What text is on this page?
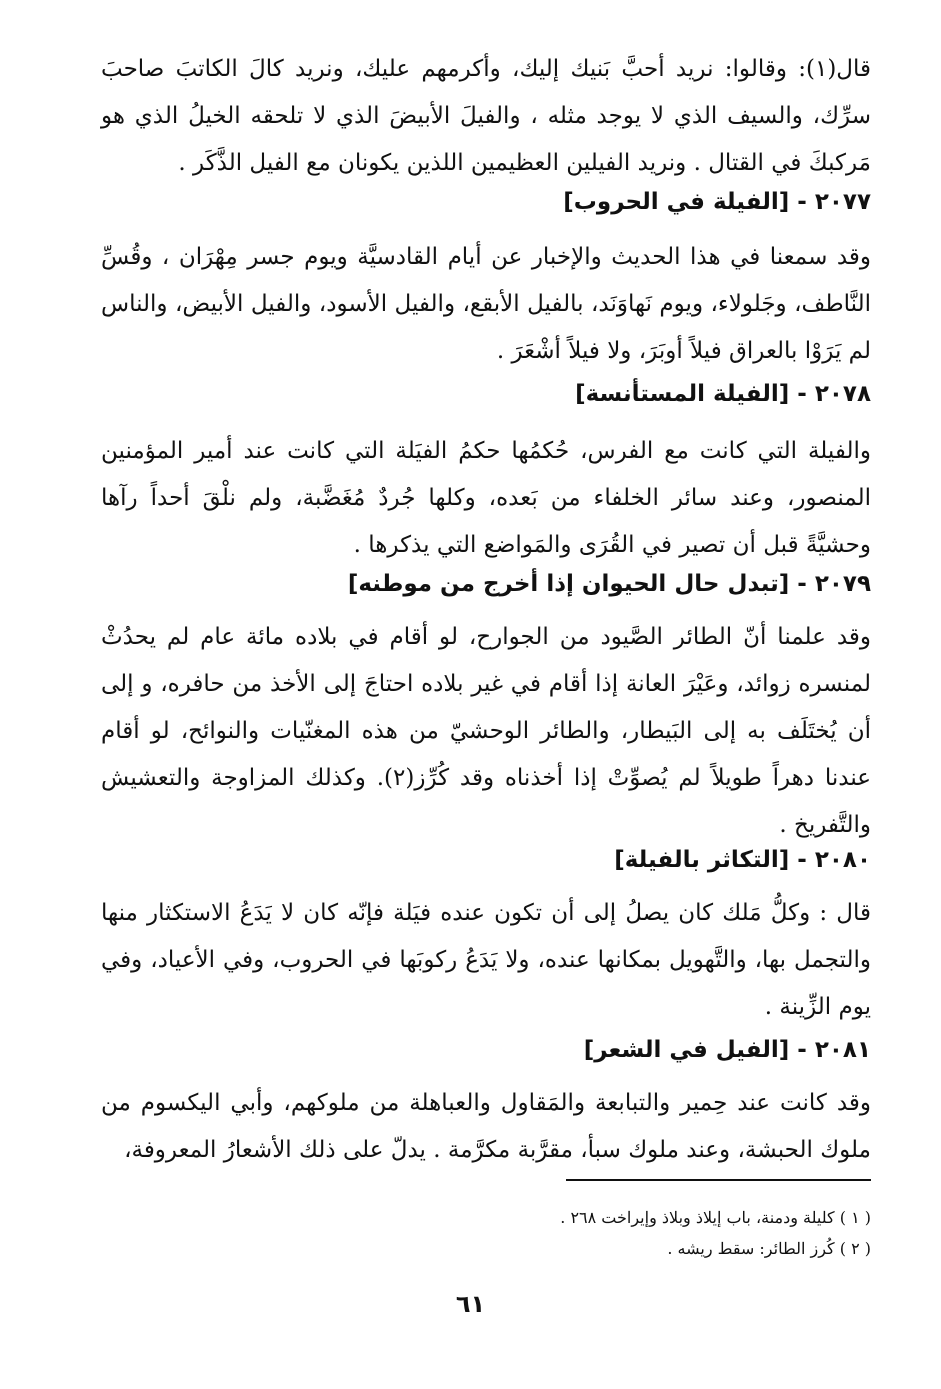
قال(١): وقالوا: نريد أحبَّ بَنيك إليك، وأكرمهم عليك، ونريد كالَ الكاتبَ صاحبَ سرِّك، والسيف الذي لا يوجد مثله ، والفيلَ الأبيضَ الذي لا تلحقه الخيلُ الذي هو مَركبكَ في القتال . ونريد الفيلين العظيمين اللذين يكونان مع الفيل الذَّكَر .

٢٠٧٧ - [الفيلة في الحروب]

وقد سمعنا في هذا الحديث والإخبار عن أيام القادسيَّة ويوم جسر مِهْرَان ، وقُسِّ النَّاطف، وجَلولاء، ويوم نَهاوَنَد، بالفيل الأبقع، والفيل الأسود، والفيل الأبيض، والناس لم يَرَوْا بالعراق فيلاً أوبَرَ، ولا فيلاً أشْعَرَ .

٢٠٧٨ - [الفيلة المستأنسة]

والفيلة التي كانت مع الفرس، حُكمُها حكمُ الفيَلة التي كانت عند أمير المؤمنين المنصور، وعند سائر الخلفاء من بَعده، وكلها جُردٌ مُغَضَّبة، ولم نلْقَ أحداً رآها وحشيَّةً قبل أن تصير في القُرَى والمَواضع التي يذكرها .

٢٠٧٩ - [تبدل حال الحيوان إذا أخرج من موطنه]

وقد علمنا أنّ الطائر الصَّيود من الجوارح، لو أقام في بلاده مائة عام لم يحدُثْ لمنسره زوائد، وعَيْرَ العانة إذا أقام في غير بلاده احتاجَ إلى الأخذ من حافره، و إلى أن يُختَلَف به إلى البَيطار، والطائر الوحشيّ من هذه المغنّيات والنوائح، لو أقام عندنا دهراً طويلاً لم يُصوِّتْ إذا أخذناه وقد كُرِّز(٢). وكذلك المزاوجة والتعشيش والتَّفريخ .

٢٠٨٠ - [التكاثر بالفيلة]

قال : وكلُّ مَلك كان يصلُ إلى أن تكون عنده فيَلة فإنّه كان لا يَدَعُ الاستكثار منها والتجمل بها، والتَّهويل بمكانها عنده، ولا يَدَعُ ركوبَها في الحروب، وفي الأعياد، وفي يوم الزِّينة .

٢٠٨١ - [الفيل في الشعر]

وقد كانت عند حِمير والتبابعة والمَقاول والعباهلة من ملوكهم، وأبي اليكسوم من ملوك الحبشة، وعند ملوك سبأ، مقرَّبة مكرَّمة . يدلّ على ذلك الأشعارُ المعروفة،

( ١ ) كليلة ودمنة، باب إيلاذ وبلاذ وإيراخت ٢٦٨ .
( ٢ ) كُرز الطائر: سقط ريشه .
٦١
